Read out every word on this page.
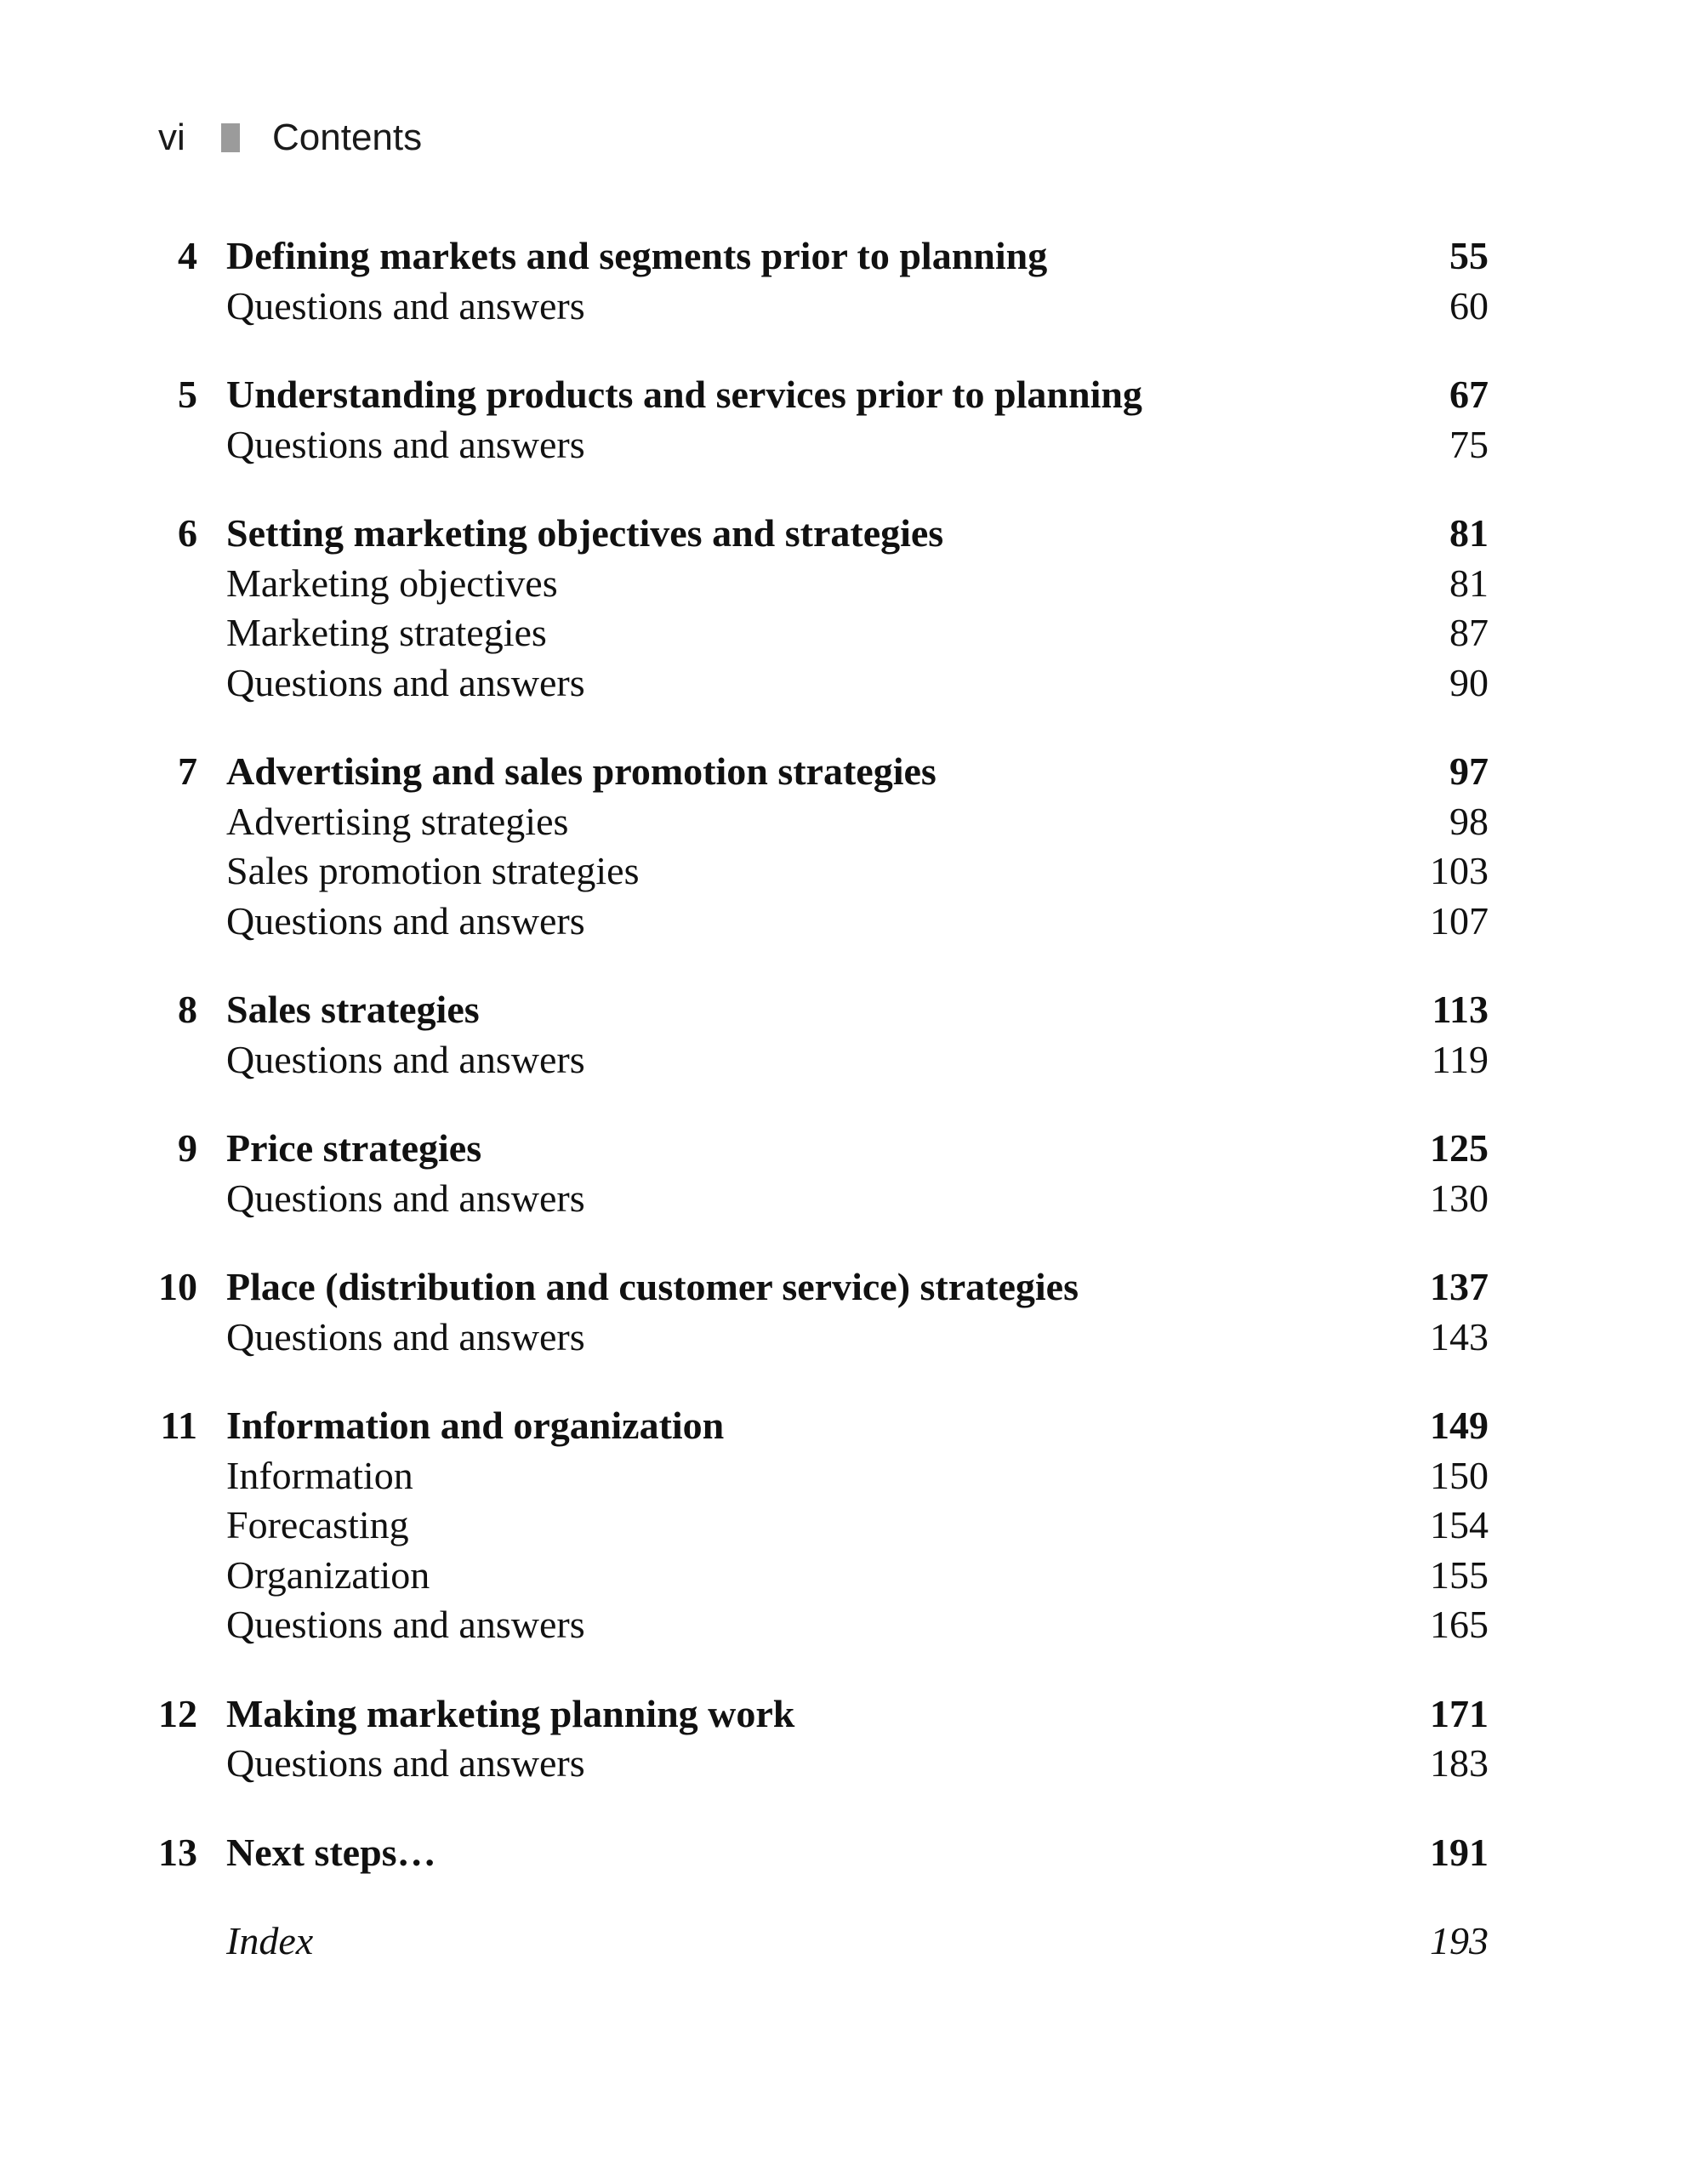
vi	Contents
4 Defining markets and segments prior to planning	55
Questions and answers	60
5 Understanding products and services prior to planning	67
Questions and answers	75
6 Setting marketing objectives and strategies	81
Marketing objectives	81
Marketing strategies	87
Questions and answers	90
7 Advertising and sales promotion strategies	97
Advertising strategies	98
Sales promotion strategies	103
Questions and answers	107
8 Sales strategies	113
Questions and answers	119
9 Price strategies	125
Questions and answers	130
10 Place (distribution and customer service) strategies	137
Questions and answers	143
11 Information and organization	149
Information	150
Forecasting	154
Organization	155
Questions and answers	165
12 Making marketing planning work	171
Questions and answers	183
13 Next steps…	191
Index	193
